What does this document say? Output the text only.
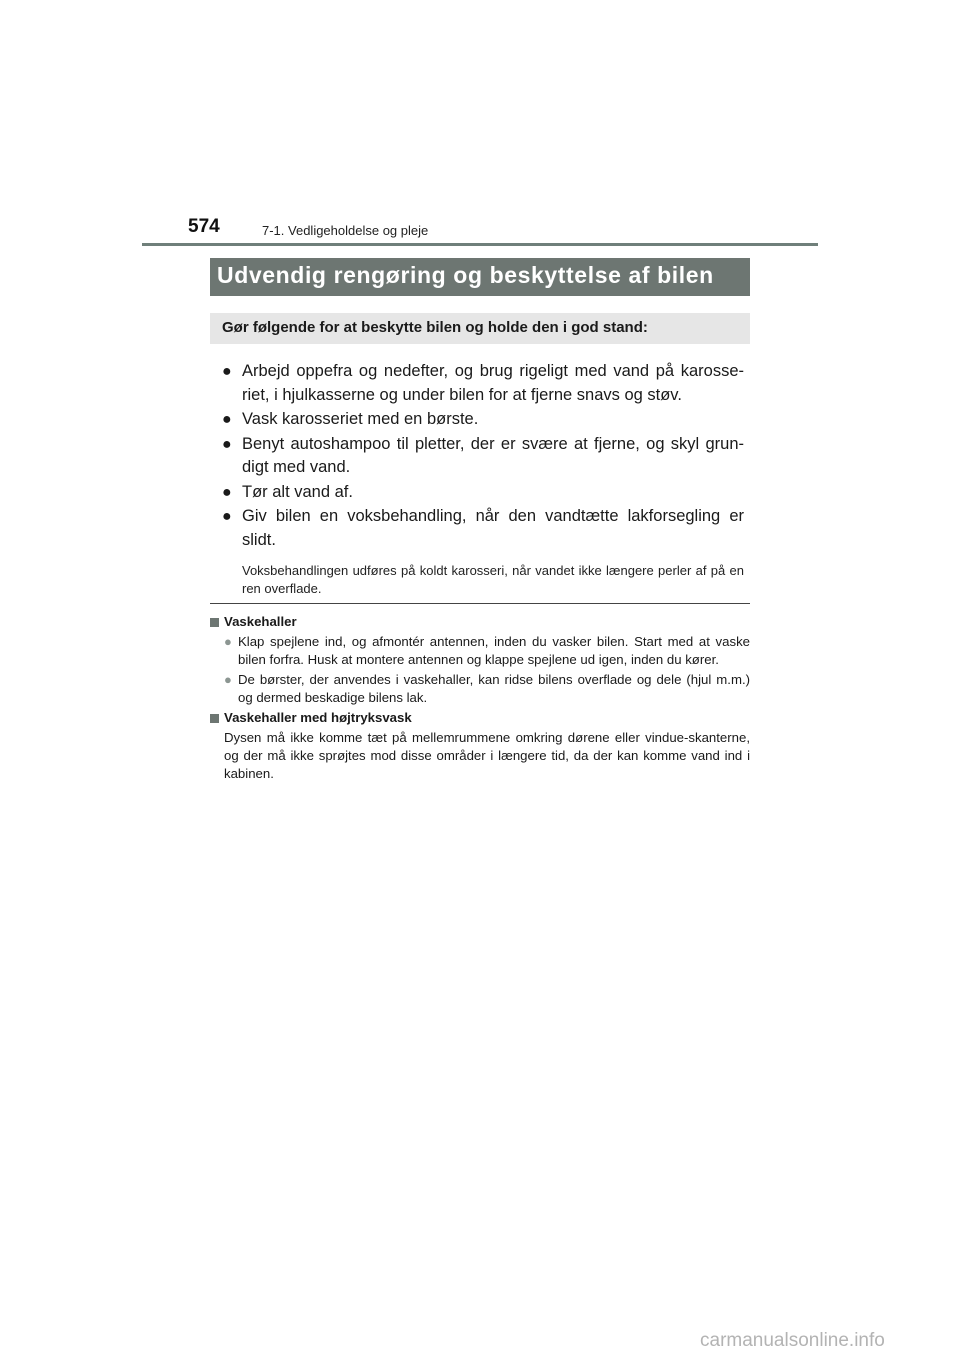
574	7-1. Vedligeholdelse og pleje
Udvendig rengøring og beskyttelse af bilen
Gør følgende for at beskytte bilen og holde den i god stand:
● Arbejd oppefra og nedefter, og brug rigeligt med vand på karosse-riet, i hjulkasserne og under bilen for at fjerne snavs og støv.
● Vask karosseriet med en børste.
● Benyt autoshampoo til pletter, der er svære at fjerne, og skyl grun-digt med vand.
● Tør alt vand af.
● Giv bilen en voksbehandling, når den vandtætte lakforsegling er slidt.
Voksbehandlingen udføres på koldt karosseri, når vandet ikke længere perler af på en ren overflade.
Vaskehaller
● Klap spejlene ind, og afmontér antennen, inden du vasker bilen. Start med at vaske bilen forfra. Husk at montere antennen og klappe spejlene ud igen, inden du kører.
● De børster, der anvendes i vaskehaller, kan ridse bilens overflade og dele (hjul m.m.) og dermed beskadige bilens lak.
Vaskehaller med højtryksvask
Dysen må ikke komme tæt på mellemrummene omkring dørene eller vindue-skanterne, og der må ikke sprøjtes mod disse områder i længere tid, da der kan komme vand ind i kabinen.
carmanualsonline.info
